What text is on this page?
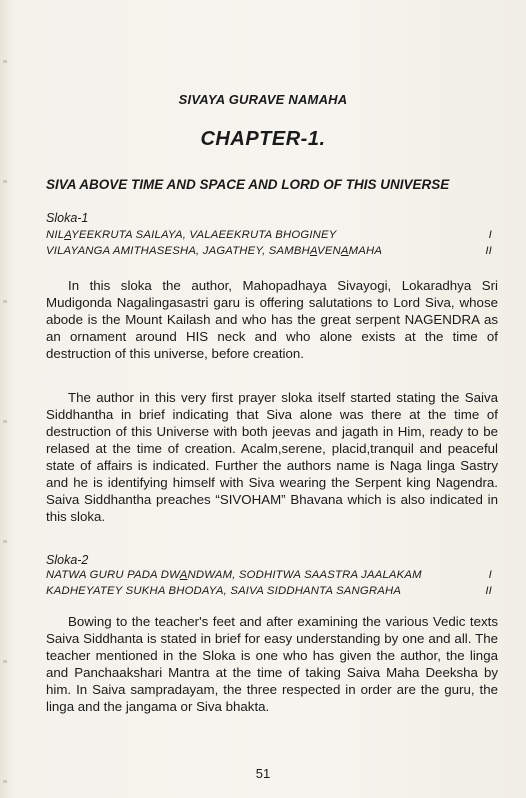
SIVAYA GURAVE NAMAHA
CHAPTER-1.
SIVA ABOVE TIME AND SPACE AND LORD OF THIS UNIVERSE
Sloka-1
NILAYEEKRUTA SAILAYA, VALAEEKRUTA BHOGINEY	I
VILAYANGA AMITHASESHA, JAGATHEY, SAMBHAVENAMAHA	II
In this sloka the author, Mahopadhaya Sivayogi, Lokaradhya Sri Mudigonda Nagalingasastri garu is offering salutations to Lord Siva, whose abode is the Mount Kailash and who has the great serpent NAGENDRA as an ornament around HIS neck and who alone exists at the time of destruction of this universe, before creation.
The author in this very first prayer sloka itself started stating the Saiva Siddhantha in brief indicating that Siva alone was there at the time of destruction of this Universe with both jeevas and jagath in Him, ready to be relased at the time of creation. Acalm,serene, placid,tranquil and peaceful state of affairs is indicated. Further the authors name is Naga linga Sastry and he is identifying himself with Siva wearing the Serpent king Nagendra. Saiva Siddhantha preaches “SIVOHAM” Bhavana which is also indicated in this sloka.
Sloka-2
NATWA GURU PADA DWANDWAM, SODHITWA SAASTRA JAALAKAM	I
KADHEYATEY SUKHA BHODAYA, SAIVA SIDDHANTA SANGRAHA	II
Bowing to the teacher's feet and after examining the various Vedic texts Saiva Siddhanta is stated in brief for easy understanding by one and all. The teacher mentioned in the Sloka is one who has given the author, the linga and Panchaakshari Mantra at the time of taking Saiva Maha Deeksha by him. In Saiva sampradayam, the three respected in order are the guru, the linga and the jangama or Siva bhakta.
51
